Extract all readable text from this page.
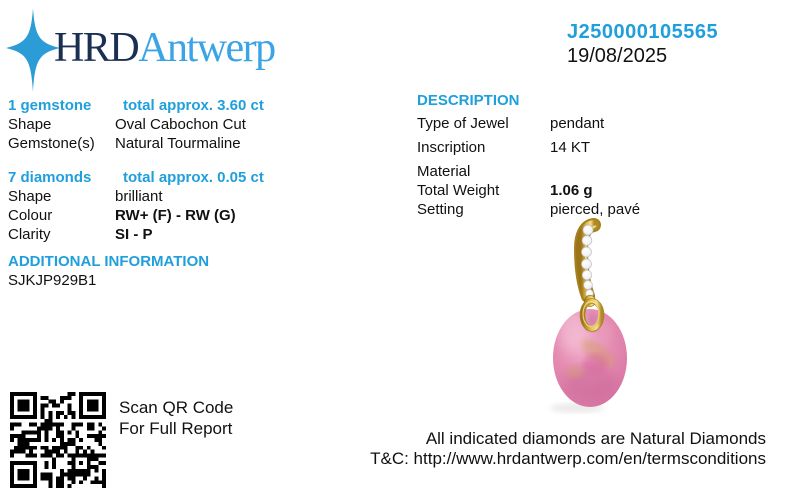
HRDAntwerp	J250000105565
19/08/2025
1 gemstone total approx. 3.60 ct
Shape	Oval Cabochon Cut
Gemstone(s) Natural Tourmaline
7 diamonds total approx. 0.05 ct
Shape	brilliant
Colour	RW+ (F) - RW (G)
Clarity	SI - P
ADDITIONAL INFORMATION
SJKJP929B1
DESCRIPTION
Type of Jewel	pendant
Inscription	14 KT
Material
Total Weight	1.06 g
Setting	pierced, pavé
Scan QR Code
For Full Report
All indicated diamonds are Natural Diamonds
T&C: http://www.hrdantwerp.com/en/termsconditions
